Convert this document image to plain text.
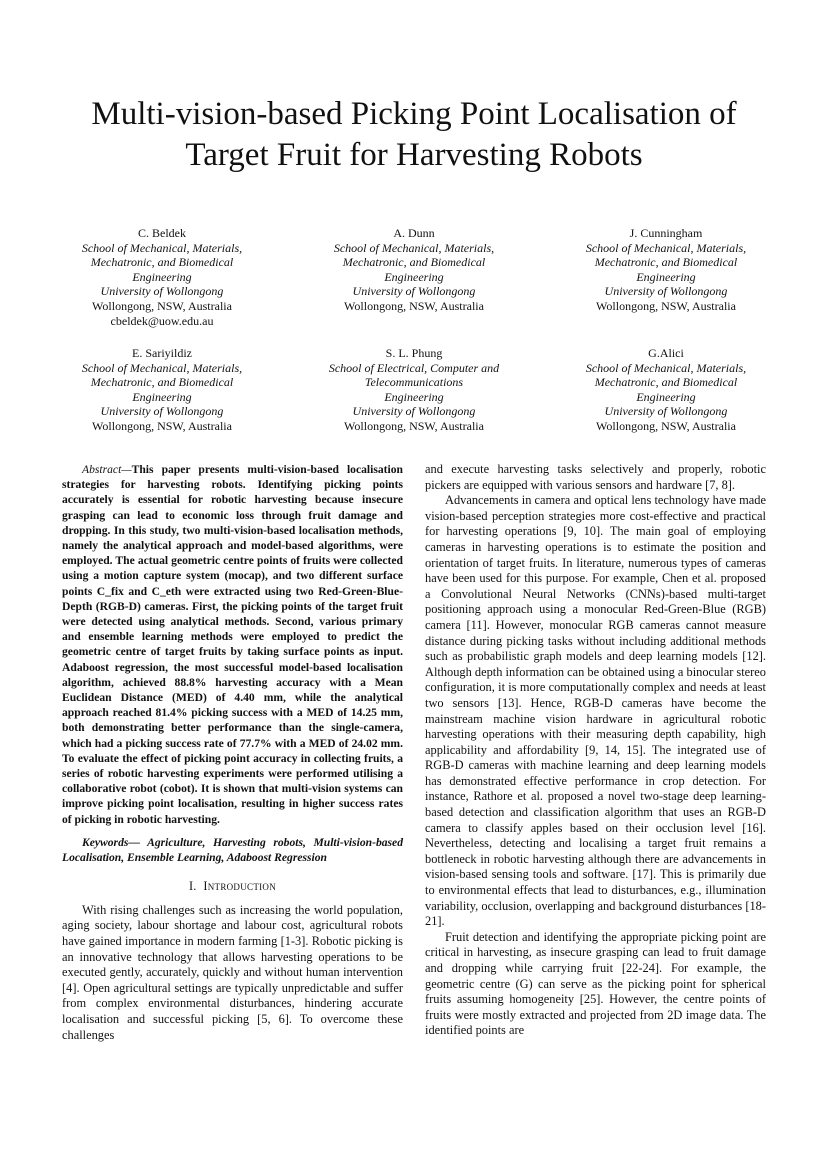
Multi-vision-based Picking Point Localisation of
Target Fruit for Harvesting Robots
C. Beldek
School of Mechanical, Materials,
Mechatronic, and Biomedical
Engineering
University of Wollongong
Wollongong, NSW, Australia
cbeldek@uow.edu.au
A. Dunn
School of Mechanical, Materials,
Mechatronic, and Biomedical
Engineering
University of Wollongong
Wollongong, NSW, Australia
J. Cunningham
School of Mechanical, Materials,
Mechatronic, and Biomedical
Engineering
University of Wollongong
Wollongong, NSW, Australia
E. Sariyildiz
School of Mechanical, Materials,
Mechatronic, and Biomedical
Engineering
University of Wollongong
Wollongong, NSW, Australia
S. L. Phung
School of Electrical, Computer and
Telecommunications
Engineering
University of Wollongong
Wollongong, NSW, Australia
G.Alici
School of Mechanical, Materials,
Mechatronic, and Biomedical
Engineering
University of Wollongong
Wollongong, NSW, Australia

Abstract—This paper presents multi-vision-based localisation strategies for harvesting robots. Identifying picking points accurately is essential for robotic harvesting because insecure grasping can lead to economic loss through fruit damage and dropping. In this study, two multi-vision-based localisation methods, namely the analytical approach and model-based algorithms, were employed. The actual geometric centre points of fruits were collected using a motion capture system (mocap), and two different surface points C_fix and C_eth were extracted using two Red-Green-Blue-Depth (RGB-D) cameras. First, the picking points of the target fruit were detected using analytical methods. Second, various primary and ensemble learning methods were employed to predict the geometric centre of target fruits by taking surface points as input. Adaboost regression, the most successful model-based localisation algorithm, achieved 88.8% harvesting accuracy with a Mean Euclidean Distance (MED) of 4.40 mm, while the analytical approach reached 81.4% picking success with a MED of 14.25 mm, both demonstrating better performance than the single-camera, which had a picking success rate of 77.7% with a MED of 24.02 mm. To evaluate the effect of picking point accuracy in collecting fruits, a series of robotic harvesting experiments were performed utilising a collaborative robot (cobot). It is shown that multi-vision systems can improve picking point localisation, resulting in higher success rates of picking in robotic harvesting.

Keywords— Agriculture, Harvesting robots, Multi-vision-based Localisation, Ensemble Learning, Adaboost Regression

I. Introduction

With rising challenges such as increasing the world population, aging society, labour shortage and labour cost, agricultural robots have gained importance in modern farming [1-3]. Robotic picking is an innovative technology that allows harvesting operations to be executed gently, accurately, quickly and without human intervention [4]. Open agricultural settings are typically unpredictable and suffer from complex environmental disturbances, hindering accurate localisation and successful picking [5, 6]. To overcome these challenges

and execute harvesting tasks selectively and properly, robotic pickers are equipped with various sensors and hardware [7, 8].

Advancements in camera and optical lens technology have made vision-based perception strategies more cost-effective and practical for harvesting operations [9, 10]. The main goal of employing cameras in harvesting operations is to estimate the position and orientation of target fruits. In literature, numerous types of cameras have been used for this purpose. For example, Chen et al. proposed a Convolutional Neural Networks (CNNs)-based multi-target positioning approach using a monocular Red-Green-Blue (RGB) camera [11]. However, monocular RGB cameras cannot measure distance during picking tasks without including additional methods such as probabilistic graph models and deep learning models [12]. Although depth information can be obtained using a binocular stereo configuration, it is more computationally complex and needs at least two sensors [13]. Hence, RGB-D cameras have become the mainstream machine vision hardware in agricultural robotic harvesting operations with their measuring depth capability, high applicability and affordability [9, 14, 15]. The integrated use of RGB-D cameras with machine learning and deep learning models has demonstrated effective performance in crop detection. For instance, Rathore et al. proposed a novel two-stage deep learning-based detection and classification algorithm that uses an RGB-D camera to classify apples based on their occlusion level [16]. Nevertheless, detecting and localising a target fruit remains a bottleneck in robotic harvesting although there are advancements in vision-based sensing tools and software. [17]. This is primarily due to environmental effects that lead to disturbances, e.g., illumination variability, occlusion, overlapping and background disturbances [18-21].

Fruit detection and identifying the appropriate picking point are critical in harvesting, as insecure grasping can lead to fruit damage and dropping while carrying fruit [22-24]. For example, the geometric centre (G) can serve as the picking point for spherical fruits assuming homogeneity [25]. However, the centre points of fruits were mostly extracted and projected from 2D image data. The identified points are
